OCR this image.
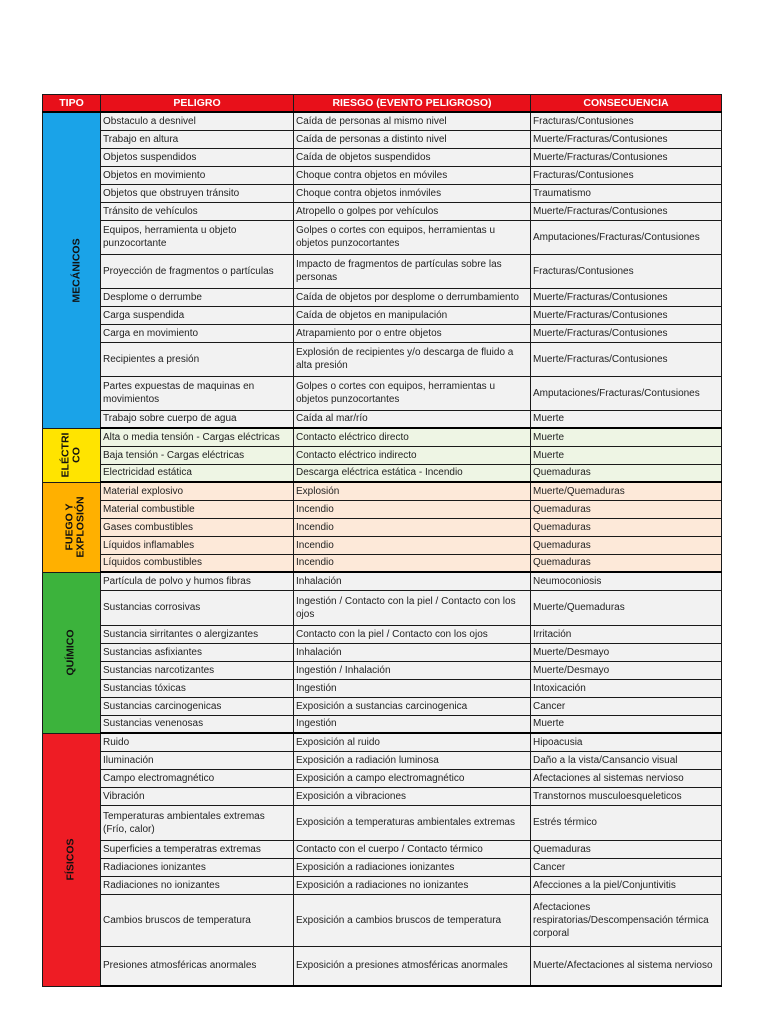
TIPO	PELIGRO	RIESGO (EVENTO PELIGROSO)	CONSECUENCIA
MECÁNICOS	Obstaculo a desnivel	Caída de personas al mismo nivel	Fracturas/Contusiones
	Trabajo en altura	Caída de personas a distinto nivel	Muerte/Fracturas/Contusiones
	Objetos suspendidos	Caída de objetos suspendidos	Muerte/Fracturas/Contusiones
	Objetos en movimiento	Choque contra objetos en móviles	Fracturas/Contusiones
	Objetos que obstruyen tránsito	Choque contra objetos inmóviles	Traumatismo
	Tránsito de vehículos	Atropello o golpes por vehículos	Muerte/Fracturas/Contusiones
	Equipos, herramienta u objeto punzocortante	Golpes o cortes con equipos, herramientas u objetos punzocortantes	Amputaciones/Fracturas/Contusiones
	Proyección de fragmentos o partículas	Impacto de fragmentos de partículas sobre las personas	Fracturas/Contusiones
	Desplome o derrumbe	Caída de objetos por desplome o derrumbamiento	Muerte/Fracturas/Contusiones
	Carga suspendida	Caída de objetos en manipulación	Muerte/Fracturas/Contusiones
	Carga en movimiento	Atrapamiento por o entre objetos	Muerte/Fracturas/Contusiones
	Recipientes a presión	Explosión de recipientes y/o descarga de fluido a alta presión	Muerte/Fracturas/Contusiones
	Partes expuestas de maquinas en movimientos	Golpes o cortes con equipos, herramientas u objetos punzocortantes	Amputaciones/Fracturas/Contusiones
	Trabajo sobre cuerpo de agua	Caída al mar/río	Muerte
ELÉCTRI
CO	Alta o media tensión - Cargas eléctricas	Contacto eléctrico directo	Muerte
	Baja tensión - Cargas eléctricas	Contacto eléctrico indirecto	Muerte
	Electricidad estática	Descarga eléctrica estática - Incendio	Quemaduras
FUEGO Y
EXPLOSIÓN	Material explosivo	Explosión	Muerte/Quemaduras
	Material combustible	Incendio	Quemaduras
	Gases combustibles	Incendio	Quemaduras
	Líquidos inflamables	Incendio	Quemaduras
	Líquidos combustibles	Incendio	Quemaduras
QUÍMICO	Partícula de polvo y humos fibras	Inhalación	Neumoconiosis
	Sustancias corrosivas	Ingestión / Contacto con la piel / Contacto con los ojos	Muerte/Quemaduras
	Sustancia sirritantes o alergizantes	Contacto con la piel / Contacto con los ojos	Irritación
	Sustancias asfixiantes	Inhalación	Muerte/Desmayo
	Sustancias narcotizantes	Ingestión / Inhalación	Muerte/Desmayo
	Sustancias tóxicas	Ingestión	Intoxicación
	Sustancias carcinogenicas	Exposición a sustancias carcinogenica	Cancer
	Sustancias venenosas	Ingestión	Muerte
FÍSICOS	Ruido	Exposición al ruido	Hipoacusia
	Iluminación	Exposición a radiación luminosa	Daño a la vista/Cansancio visual
	Campo electromagnético	Exposición a campo electromagnético	Afectaciones al sistemas nervioso
	Vibración	Exposición a vibraciones	Transtornos musculoesqueleticos
	Temperaturas ambientales extremas (Frío, calor)	Exposición a temperaturas ambientales extremas	Estrés térmico
	Superficies a temperatras extremas	Contacto con el cuerpo / Contacto térmico	Quemaduras
	Radiaciones ionizantes	Exposición a radiaciones ionizantes	Cancer
	Radiaciones no ionizantes	Exposición a radiaciones no ionizantes	Afecciones a la piel/Conjuntivitis
	Cambios bruscos de temperatura	Exposición a cambios bruscos de temperatura	Afectaciones respiratorias/Descompensación térmica corporal
	Presiones atmosféricas anormales	Exposición a presiones atmosféricas anormales	Muerte/Afectaciones al sistema nervioso
